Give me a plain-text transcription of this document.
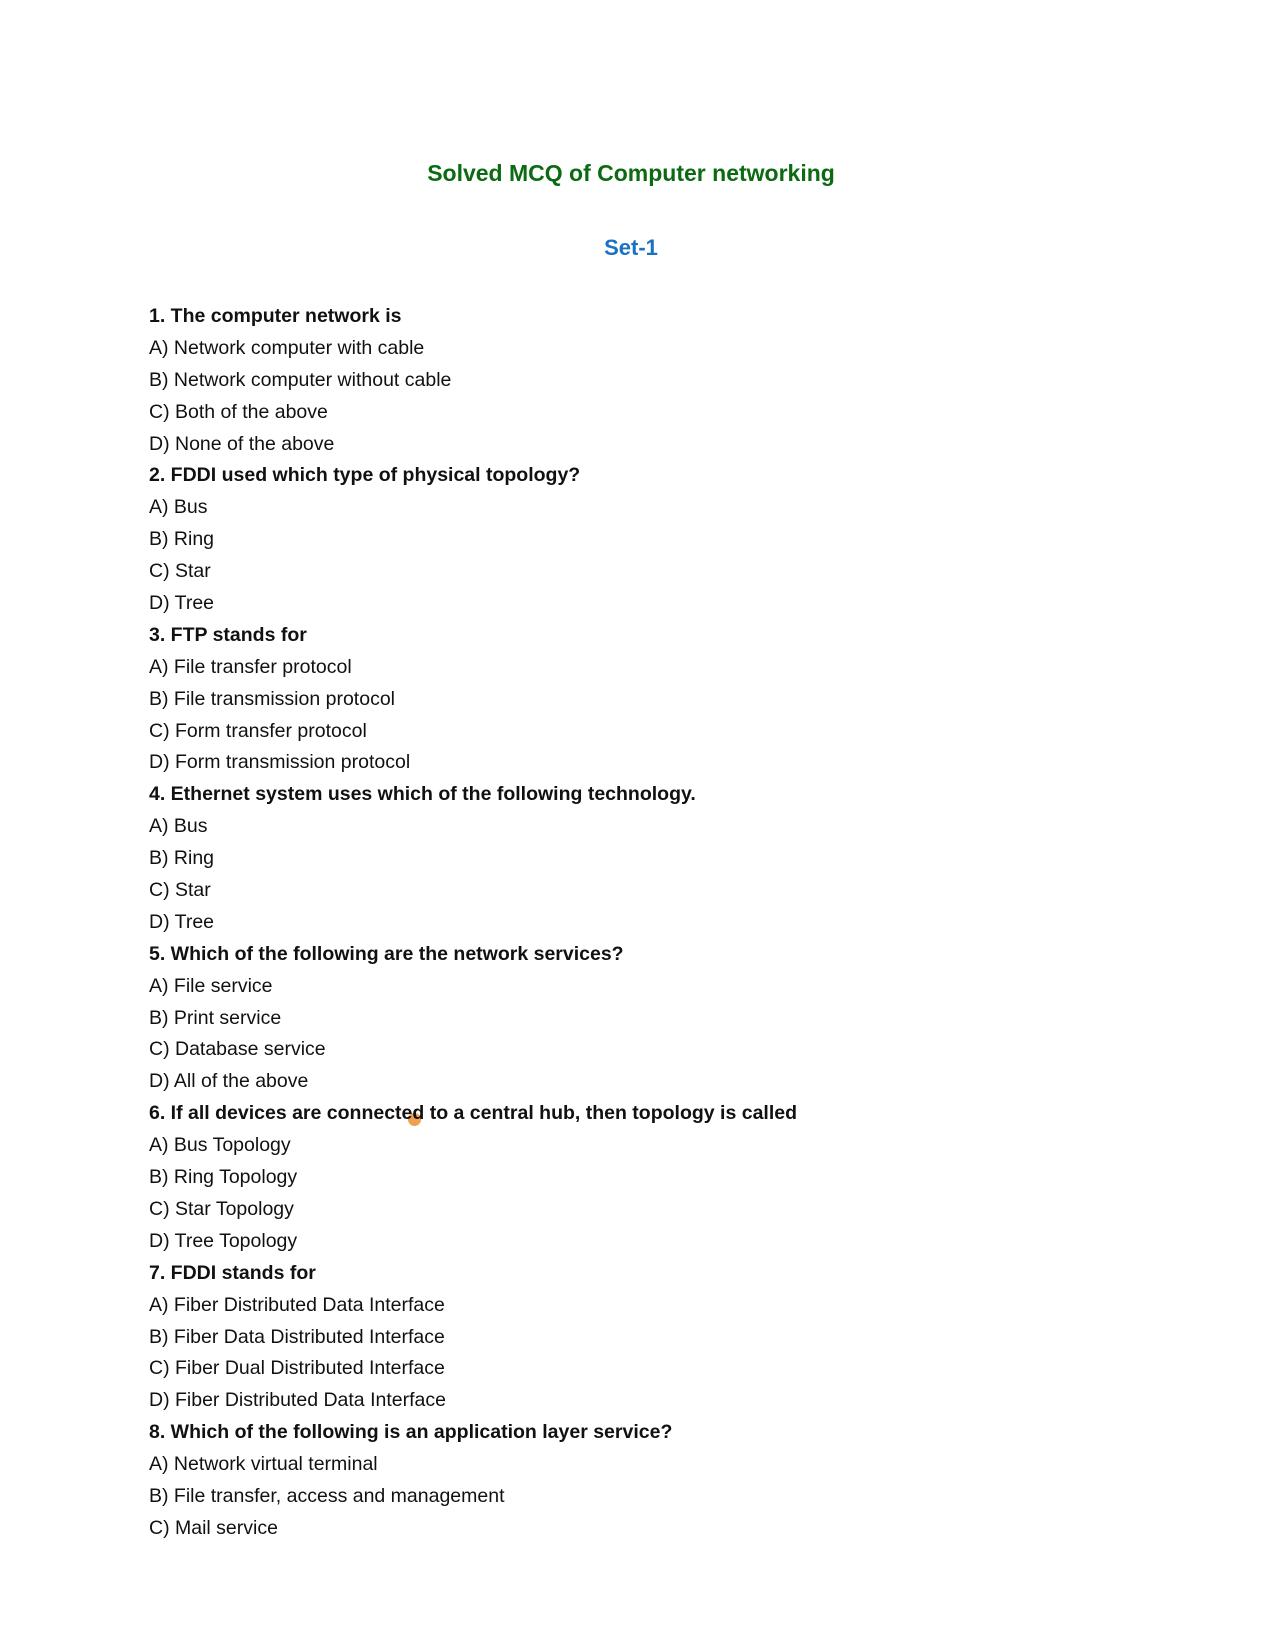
Solved MCQ of Computer networking
Set-1
1. The computer network is
A) Network computer with cable
B) Network computer without cable
C) Both of the above
D) None of the above
2. FDDI used which type of physical topology?
A) Bus
B) Ring
C) Star
D) Tree
3. FTP stands for
A) File transfer protocol
B) File transmission protocol
C) Form transfer protocol
D) Form transmission protocol
4. Ethernet system uses which of the following technology.
A) Bus
B) Ring
C) Star
D) Tree
5. Which of the following are the network services?
A) File service
B) Print service
C) Database service
D) All of the above
6. If all devices are connected to a central hub, then topology is called
A) Bus Topology
B) Ring Topology
C) Star Topology
D) Tree Topology
7. FDDI stands for
A) Fiber Distributed Data Interface
B) Fiber Data Distributed Interface
C) Fiber Dual Distributed Interface
D) Fiber Distributed Data Interface
8. Which of the following is an application layer service?
A) Network virtual terminal
B) File transfer, access and management
C) Mail service
